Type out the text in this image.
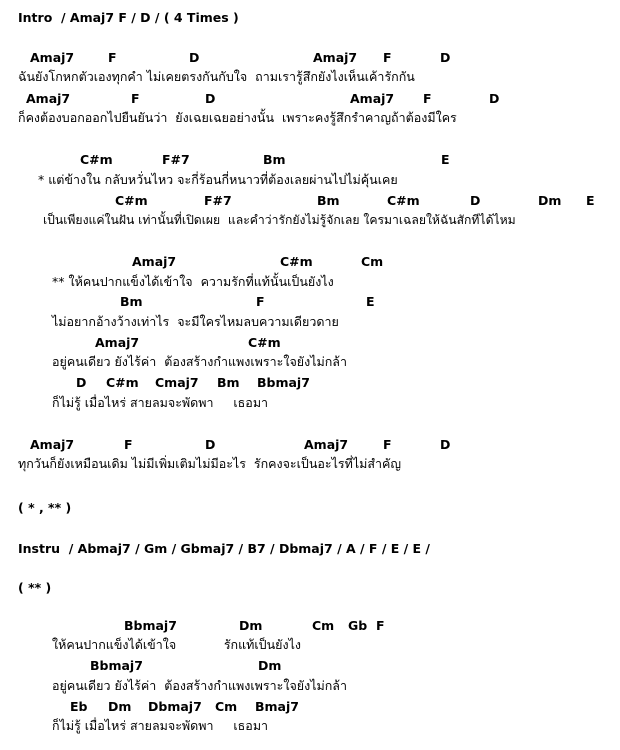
Intro  / Amaj7 F / D / ( 4 Times )
Amaj7	F	D	Amaj7 F	D
ฉันยังโกหกตัวเองทุกคำ ไม่เคยตรงกันกับใจ  ถามเรารู้สึกยังไงเห็นเค้ารักกัน
Amaj7	F	D	Amaj7 F	D
ก็คงต้องบอกออกไปยืนยันว่า  ยังเฉยเฉยอย่างนั้น  เพราะคงรู้สึกรำคาญถ้าต้องมีใคร
C#m	F#7	Bm	E
* แต่ข้างใน กลับหวั่นไหว จะกี่ร้อนกี่หนาวที่ต้องเลยผ่านไปไม่คุ้นเคย
C#m	F#7	Bm	C#m	D	Dm E
เป็นเพียงแค่ในฝัน เท่านั้นที่เปิดเผย  และคำว่ารักยังไม่รู้จักเลย ใครมาเฉลยให้ฉันสักทีได้ไหม
Amaj7	C#m	Cm
** ให้คนปากแข็งได้เข้าใจ  ความรักที่แท้นั้นเป็นยังไง
Bm	F	E
ไม่อยากอ้างว้างเท่าไร  จะมีใครไหมลบความเดียวดาย
Amaj7	C#m
อยู่คนเดียว ยังไร้ค่า  ต้องสร้างกำแพงเพราะใจยังไม่กล้า
D C#m Cmaj7 Bm Bbmaj7
ก็ไม่รู้ เมื่อไหร่ สายลมจะพัดพา     เธอมา
Amaj7	F	D	Amaj7	F	D
ทุกวันก็ยังเหมือนเดิม ไม่มีเพิ่มเติมไม่มีอะไร  รักคงจะเป็นอะไรที่ไม่สำคัญ
( * , ** )
Instru  / Abmaj7 / Gm / Gbmaj7 / B7 / Dbmaj7 / A / F / E / E /
( ** )
Bbmaj7	Dm	Cm Gb F
ให้คนปากแข็งได้เข้าใจ            รักแท้เป็นยังไง
Bbmaj7	Dm
อยู่คนเดียว ยังไร้ค่า  ต้องสร้างกำแพงเพราะใจยังไม่กล้า
Eb Dm Dbmaj7 Cm Bmaj7
ก็ไม่รู้ เมื่อไหร่ สายลมจะพัดพา     เธอมา
